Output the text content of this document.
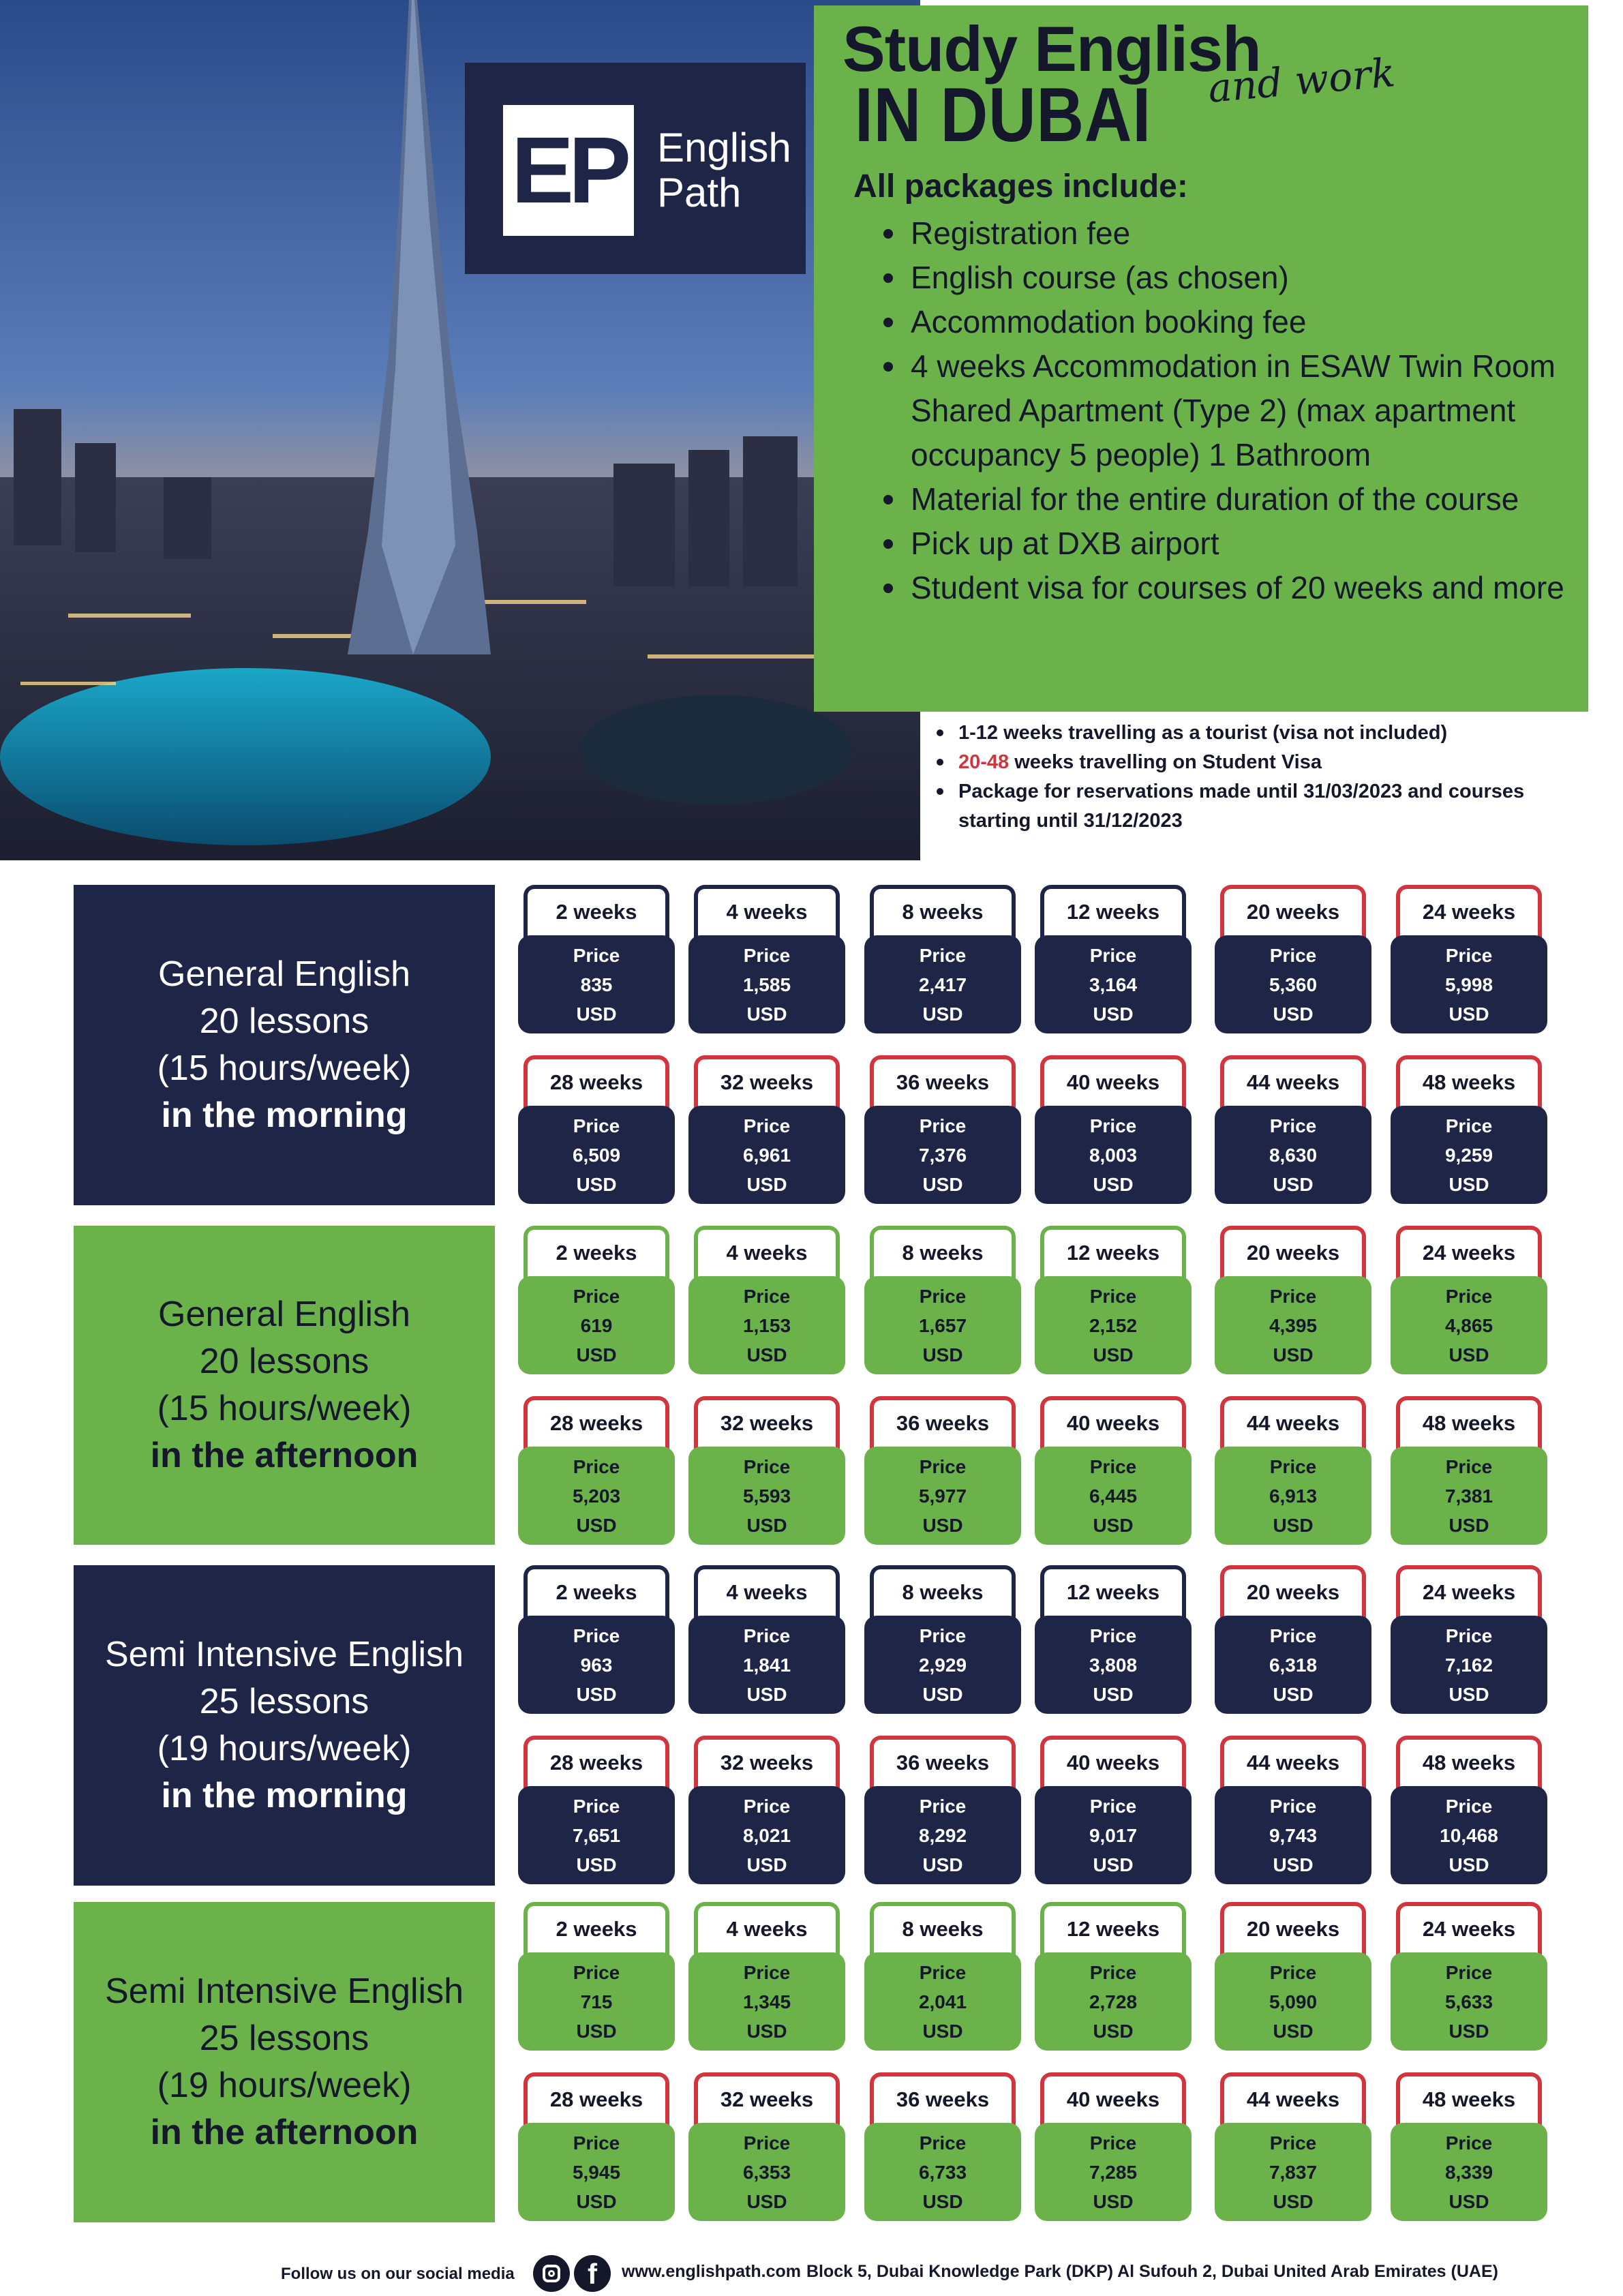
EP English
Path
Study English
IN DUBAI and work
All packages include:
Registration fee
English course (as chosen)
Accommodation booking fee
4 weeks Accommodation in ESAW Twin Room Shared Apartment (Type 2) (max apartment occupancy 5 people) 1 Bathroom
Material for the entire duration of the course
Pick up at DXB airport
Student visa for courses of 20 weeks and more
1-12 weeks travelling as a tourist (visa not included)
20-48 weeks travelling on Student Visa
Package for reservations made until 31/03/2023 and courses starting until 31/12/2023
General English
20 lessons
(15 hours/week)
in the morning
2 weeks
Price
835
USD
4 weeks
Price
1,585
USD
8 weeks
Price
2,417
USD
12 weeks
Price
3,164
USD
20 weeks
Price
5,360
USD
24 weeks
Price
5,998
USD
28 weeks
Price
6,509
USD
32 weeks
Price
6,961
USD
36 weeks
Price
7,376
USD
40 weeks
Price
8,003
USD
44 weeks
Price
8,630
USD
48 weeks
Price
9,259
USD
General English
20 lessons
(15 hours/week)
in the afternoon
2 weeks
Price
619
USD
4 weeks
Price
1,153
USD
8 weeks
Price
1,657
USD
12 weeks
Price
2,152
USD
20 weeks
Price
4,395
USD
24 weeks
Price
4,865
USD
28 weeks
Price
5,203
USD
32 weeks
Price
5,593
USD
36 weeks
Price
5,977
USD
40 weeks
Price
6,445
USD
44 weeks
Price
6,913
USD
48 weeks
Price
7,381
USD
Semi Intensive English
25 lessons
(19 hours/week)
in the morning
2 weeks
Price
963
USD
4 weeks
Price
1,841
USD
8 weeks
Price
2,929
USD
12 weeks
Price
3,808
USD
20 weeks
Price
6,318
USD
24 weeks
Price
7,162
USD
28 weeks
Price
7,651
USD
32 weeks
Price
8,021
USD
36 weeks
Price
8,292
USD
40 weeks
Price
9,017
USD
44 weeks
Price
9,743
USD
48 weeks
Price
10,468
USD
Semi Intensive English
25 lessons
(19 hours/week)
in the afternoon
2 weeks
Price
715
USD
4 weeks
Price
1,345
USD
8 weeks
Price
2,041
USD
12 weeks
Price
2,728
USD
20 weeks
Price
5,090
USD
24 weeks
Price
5,633
USD
28 weeks
Price
5,945
USD
32 weeks
Price
6,353
USD
36 weeks
Price
6,733
USD
40 weeks
Price
7,285
USD
44 weeks
Price
7,837
USD
48 weeks
Price
8,339
USD
Follow us on our social media	f	www.englishpath.com Block 5, Dubai Knowledge Park (DKP) Al Sufouh 2, Dubai United Arab Emirates (UAE)
